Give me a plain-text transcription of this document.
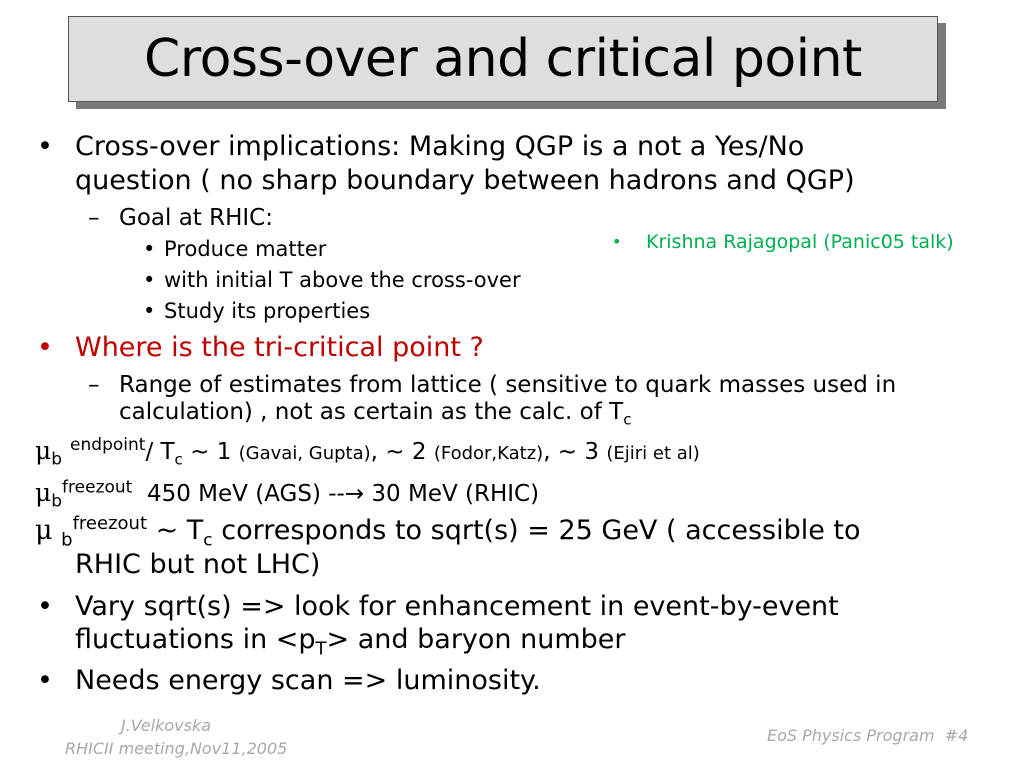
Cross-over and critical point
• Cross-over implications: Making QGP is a not a Yes/No
question ( no sharp boundary between hadrons and QGP)
– Goal at RHIC:
• Produce matter
• with initial T above the cross-over
• Study its properties
• Krishna Rajagopal (Panic05 talk)
• Where is the tri-critical point ?
– Range of estimates from lattice ( sensitive to quark masses used in
calculation) , not as certain as the calc. of $T_c$
$\mu_b^{endpoint}/$ $T_c$ ~ 1 (Gavai, Gupta), ~ 2 (Fodor,Katz), ~ 3 (Ejiri et al)
$\mu_b^{freezout}$  450 MeV (AGS) --→ 30 MeV (RHIC)
μ $_b^{freezout}$ ~ $T_c$ corresponds to sqrt(s) = 25 GeV ( accessible to
RHIC but not LHC)
• Vary sqrt(s) => look for enhancement in event-by-event
fluctuations in $<p_T>$ and baryon number
• Needs energy scan => luminosity.
J.Velkovska
RHICII meeting,Nov11,2005
EoS Physics Program  #4
